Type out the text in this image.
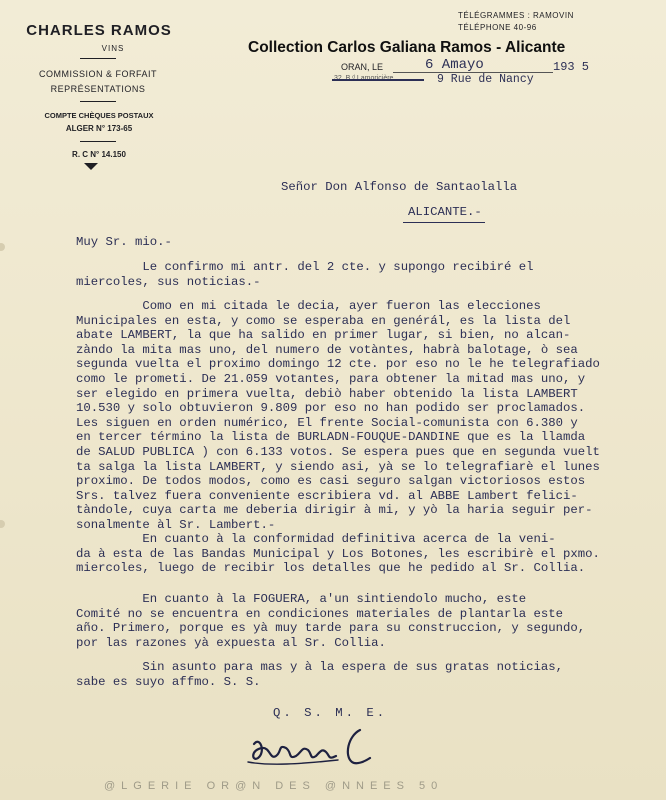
CHARLES RAMOS
VINS
COMMISSION & FORFAIT
REPRÉSENTATIONS
COMPTE CHÈQUES POSTAUX
ALGER N° 173-65
R. C N° 14.150
Collection Carlos Galiana Ramos - Alicante
TÉLÉGRAMMES : RAMOVIN
TÉLÉPHONE 40-96
ORAN, LE	6 Amayo	193 5
9 Rue de Nancy
Señor Don Alfonso de Santaolalla
ALICANTE.-
Muy Sr. mio.-
Le confirmo mi antr. del 2 cte. y supongo recibiré el
miercoles, sus noticias.-
Como en mi citada le decia, ayer fueron las elecciones
Municipales en esta, y como se esperaba en genérál, es la lista del
abate LAMBERT, la que ha salido en primer lugar, si bien, no alcan-
zàndo la mita mas uno, del numero de votàntes, habrà balotage, ò sea
segunda vuelta el proximo domingo 12 cte. por eso no le he telegrafiado
como le prometi. De 21.059 votantes, para obtener la mitad mas uno, y
ser elegido en primera vuelta, debiò haber obtenido la lista LAMBERT
10.530 y solo obtuvieron 9.809 por eso no han podido ser proclamados.
Les siguen en orden numérico, El frente Social-comunista con 6.380 y
en tercer término la lista de BURLADN-FOUQUE-DANDINE que es la llamda
de SALUD PUBLICA ) con 6.133 votos. Se espera pues que en segunda vuelt
ta salga la lista LAMBERT, y siendo asi, yà se lo telegrafiarè el lunes
proximo. De todos modos, como es casi seguro salgan victoriosos estos
Srs. talvez fuera conveniente escribiera vd. al ABBE Lambert felici-
tàndole, cuya carta me deberia dirigir à mi, y yò la haria seguir per-
sonalmente àl Sr. Lambert.-
En cuanto à la conformidad definitiva acerca de la veni-
da à esta de las Bandas Municipal y Los Botones, les escribirè el pxmo.
miercoles, luego de recibir los detalles que he pedido al Sr. Collia.
En cuanto à la FOGUERA, a'un sintiendolo mucho, este
Comité no se encuentra en condiciones materiales de plantarla este
año. Primero, porque es yà muy tarde para su construccion, y segundo,
por las razones yà expuesta al Sr. Collia.
Sin asunto para mas y à la espera de sus gratas noticias,
sabe es suyo affmo. S. S.
Q. S. M. E.
@LGERIE OR@N DES @NNEES 50
